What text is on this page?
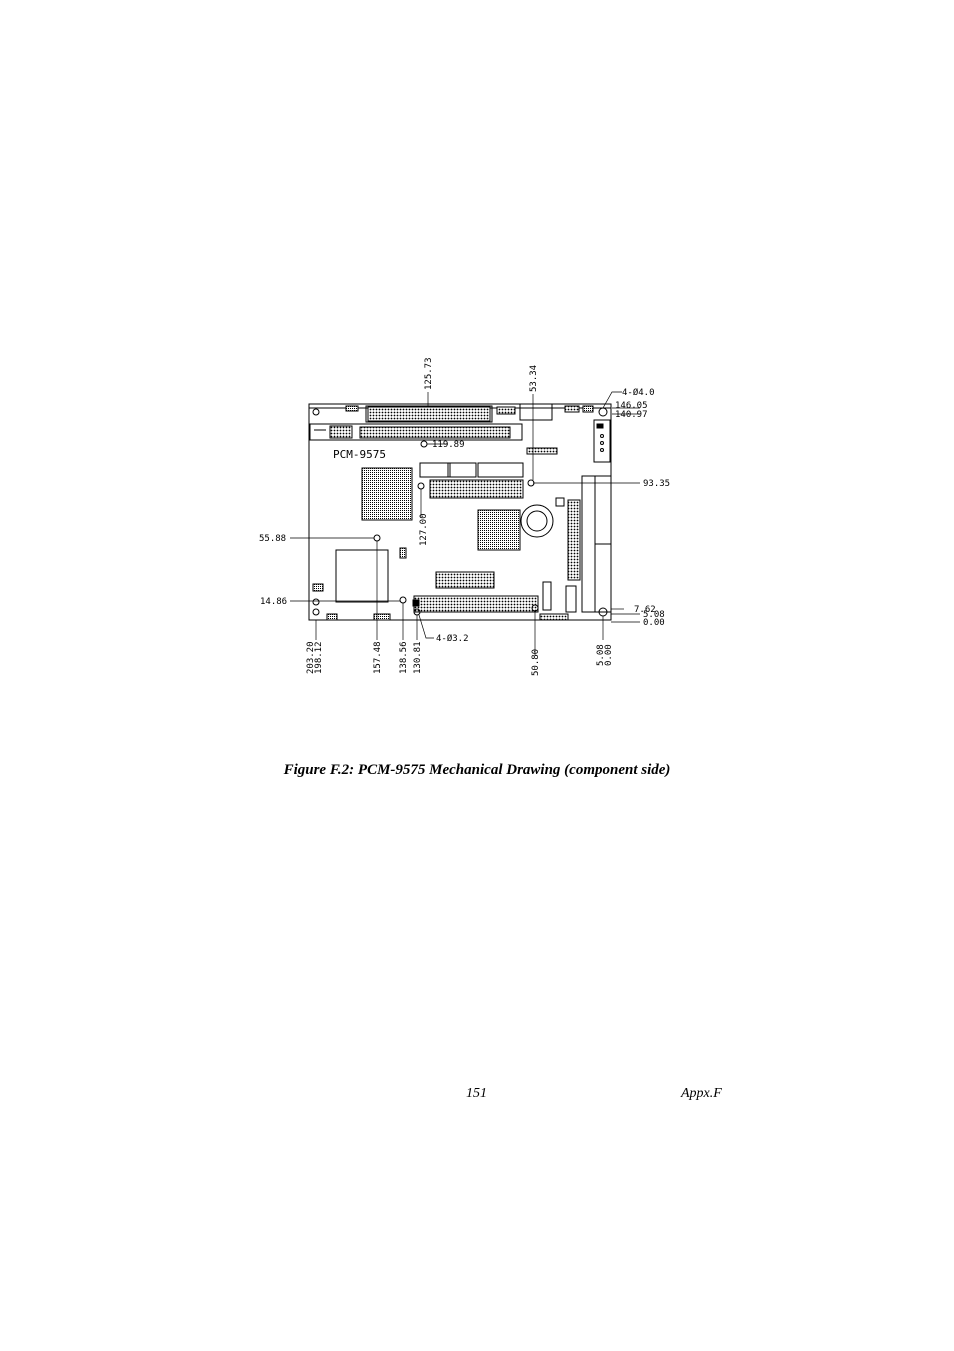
PCM-9575
125.73	53.34
4-Ø4.0
146.05
140.97
119.89
93.35
127.00
55.88
14.86
7.62
5.08
0.00
4-Ø3.2
203.20
198.12	157.48 138.56 130.81	50.80	5.08
0.00
Figure F.2: PCM-9575 Mechanical Drawing (component side)
151	Appx.F
